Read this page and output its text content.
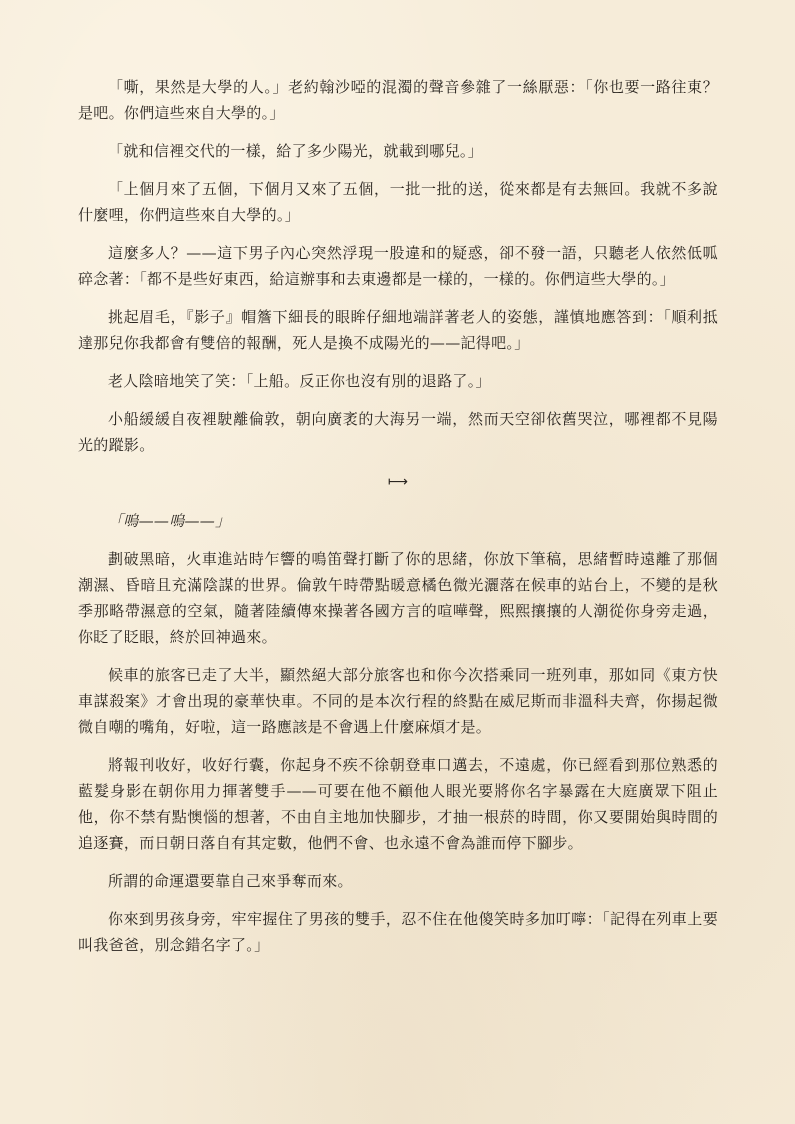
「嘶，果然是大學的人。」老約翰沙啞的混濁的聲音參雜了一絲厭惡：「你也要一路往東？是吧。你們這些來自大學的。」

「就和信裡交代的一樣，給了多少陽光，就載到哪兒。」

「上個月來了五個，下個月又來了五個，一批一批的送，從來都是有去無回。我就不多說什麼哩，你們這些來自大學的。」

這麼多人？——這下男子內心突然浮現一股違和的疑惑，卻不發一語，只聽老人依然低呱碎念著：「都不是些好東西，給這辦事和去東邊都是一樣的，一樣的。你們這些大學的。」

挑起眉毛，『影子』帽簷下細長的眼眸仔細地端詳著老人的姿態，謹慎地應答到：「順利抵達那兒你我都會有雙倍的報酬，死人是換不成陽光的——記得吧。」

老人陰暗地笑了笑：「上船。反正你也沒有別的退路了。」

小船緩緩自夜裡駛離倫敦，朝向廣袤的大海另一端，然而天空卻依舊哭泣，哪裡都不見陽光的蹤影。

⟼

「嗚——嗚——」

劃破黑暗，火車進站時乍響的鳴笛聲打斷了你的思緒，你放下筆稿，思緒暫時遠離了那個潮濕、昏暗且充滿陰謀的世界。倫敦午時帶點暖意橘色微光灑落在候車的站台上，不變的是秋季那略帶濕意的空氣，隨著陸續傳來操著各國方言的喧嘩聲，熙熙攘攘的人潮從你身旁走過，你眨了眨眼，終於回神過來。

候車的旅客已走了大半，顯然絕大部分旅客也和你今次搭乘同一班列車，那如同《東方快車謀殺案》才會出現的豪華快車。不同的是本次行程的終點在威尼斯而非溫科夫齊，你揚起微微自嘲的嘴角，好啦，這一路應該是不會遇上什麼麻煩才是。

將報刊收好，收好行囊，你起身不疾不徐朝登車口邁去，不遠處，你已經看到那位熟悉的藍髮身影在朝你用力揮著雙手——可要在他不顧他人眼光要將你名字暴露在大庭廣眾下阻止他，你不禁有點懊惱的想著，不由自主地加快腳步，才抽一根菸的時間，你又要開始與時間的追逐賽，而日朝日落自有其定數，他們不會、也永遠不會為誰而停下腳步。

所謂的命運還要靠自己來爭奪而來。

你來到男孩身旁，牢牢握住了男孩的雙手，忍不住在他傻笑時多加叮嚀：「記得在列車上要叫我爸爸，別念錯名字了。」
